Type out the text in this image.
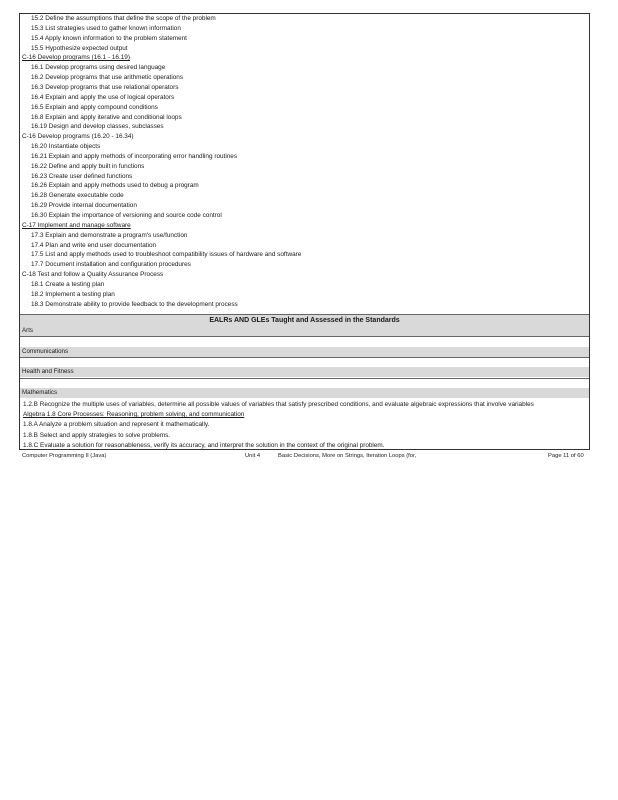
15.2 Define the assumptions that define the scope of the problem
15.3 List strategies used to gather known information
15.4 Apply known information to the problem statement
15.5 Hypothesize expected output
C-16 Develop programs (16.1 - 16.19)
16.1 Develop programs using desired language
16.2 Develop programs that use arithmetic operations
16.3 Develop programs that use relational operators
16.4 Explain and apply the use of logical operators
16.5 Explain and apply compound conditions
16.8 Explain and apply iterative and conditional loops
16.19 Design and develop classes, subclasses
C-16 Develop programs (16.20 - 16.34)
16.20 Instantiate objects
16.21 Explain and apply methods of incorporating error handling routines
16.22 Define and apply built in functions
16.23 Create user defined functions
16.26 Explain and apply methods used to debug a program
16.28 Generate executable code
16.29 Provide internal documentation
16.30 Explain the importance of versioning and source code control
C-17 Implement and manage software
17.3 Explain and demonstrate a program's use/function
17.4 Plan and write end user documentation
17.5 List and apply methods used to troubleshoot compatibility issues of hardware and software
17.7 Document installation and configuration procedures
C-18 Test and follow a Quality Assurance Process
18.1 Create a testing plan
18.2 Implement a testing plan
18.3 Demonstrate ability to provide feedback to the development process
EALRs AND GLEs Taught and Assessed in the Standards
Arts
Communications
Health and Fitness
Mathematics
1.2.B Recognize the multiple uses of variables, determine all possible values of variables that satisfy prescribed conditions, and evaluate algebraic expressions that involve variables
Algebra 1.8 Core Processes: Reasoning, problem solving, and communication
1.8.A Analyze a problem situation and represent it mathematically.
1.8.B Select and apply strategies to solve problems.
1.8.C Evaluate a solution for reasonableness, verify its accuracy, and interpret the solution in the context of the original problem.
Computer Programming II (Java)	Unit 4	Basic Decisions, More on Strings, Iteration Loops (for,	Page 11 of 60
